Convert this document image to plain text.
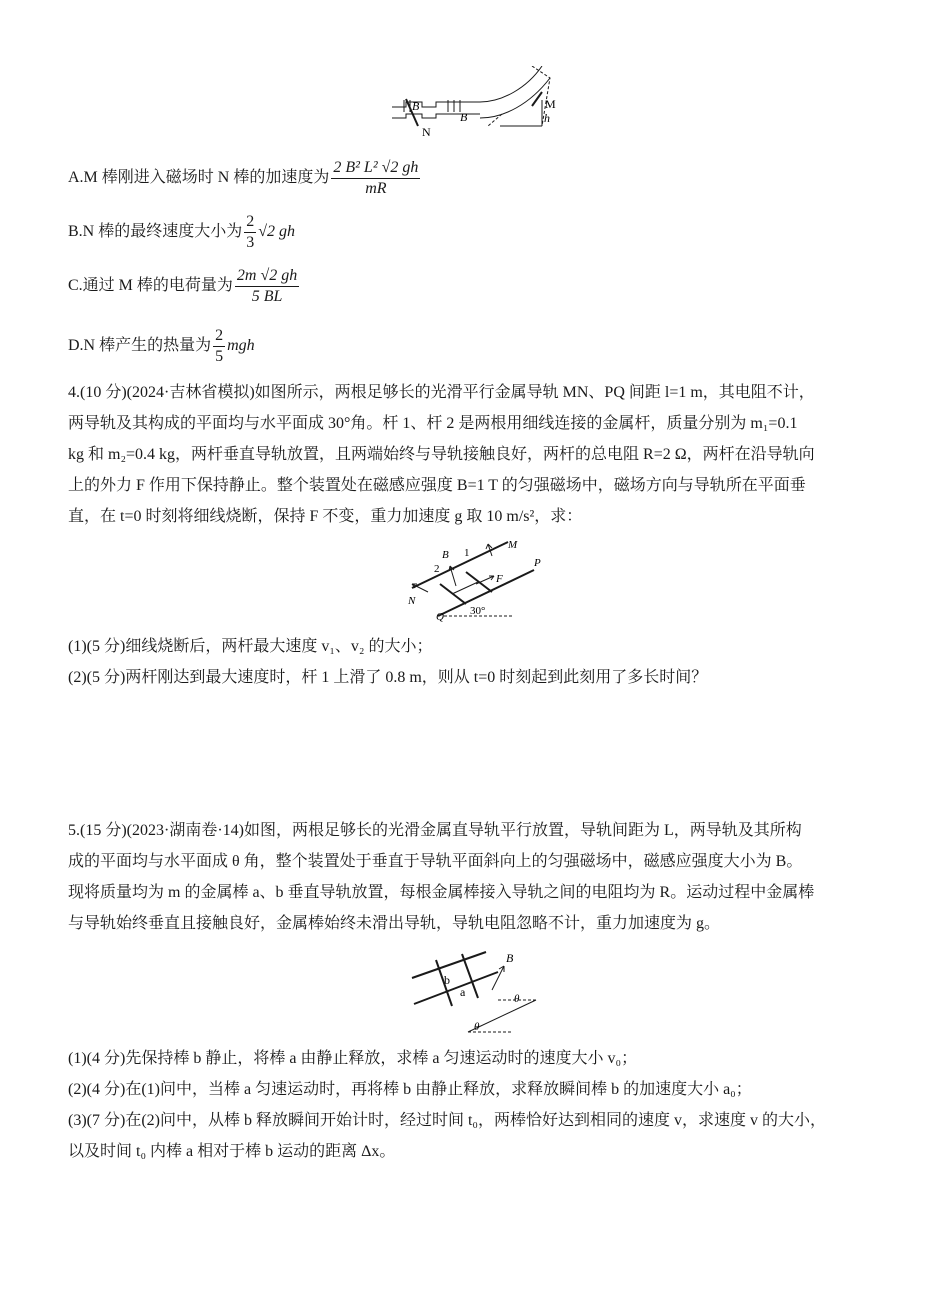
B
B
N
M
h
A.M 棒刚进入磁场时 N 棒的加速度为 $\frac{\text{2 B² L² √2 gh}}{mR}$
B.N 棒的最终速度大小为 $\frac{2}{3} √2$ gh
C.通过 M 棒的电荷量为 $\frac{2m √2 gh}{5 BL}$
D.N 棒产生的热量为 $\frac{2}{5}$ mgh
4.(10 分)(2024·吉林省模拟)如图所示，两根足够长的光滑平行金属导轨 MN、PQ 间距 l=1 m，其电阻不计，
两导轨及其构成的平面均与水平面成 30°角。杆 1、杆 2 是两根用细线连接的金属杆，质量分别为 m₁=0.1
kg 和 m₂=0.4 kg，两杆垂直导轨放置，且两端始终与导轨接触良好，两杆的总电阻 R=2 Ω，两杆在沿导轨向
上的外力 F 作用下保持静止。整个装置处在磁感应强度 B=1 T 的匀强磁场中，磁场方向与导轨所在平面垂
直，在 t=0 时刻将细线烧断，保持 F 不变，重力加速度 g 取 10 m/s²，求：
B 1
2
M
P
F
N
Q 30°
(1)(5 分)细线烧断后，两杆最大速度 v₁、v₂ 的大小；
(2)(5 分)两杆刚达到最大速度时，杆 1 上滑了 0.8 m，则从 t=0 时刻起到此刻用了多长时间？
5.(15 分)(2023·湖南卷·14)如图，两根足够长的光滑金属直导轨平行放置，导轨间距为 L，两导轨及其所构
成的平面均与水平面成 θ 角，整个装置处于垂直于导轨平面斜向上的匀强磁场中，磁感应强度大小为 B。
现将质量均为 m 的金属棒 a、b 垂直导轨放置，每根金属棒接入导轨之间的电阻均为 R。运动过程中金属棒
与导轨始终垂直且接触良好，金属棒始终未滑出导轨，导轨电阻忽略不计，重力加速度为 g。
b
a
B
θ
θ
(1)(4 分)先保持棒 b 静止，将棒 a 由静止释放，求棒 a 匀速运动时的速度大小 v₀；
(2)(4 分)在(1)问中，当棒 a 匀速运动时，再将棒 b 由静止释放，求释放瞬间棒 b 的加速度大小 a₀；
(3)(7 分)在(2)问中，从棒 b 释放瞬间开始计时，经过时间 t₀，两棒恰好达到相同的速度 v，求速度 v 的大小，
以及时间 t₀ 内棒 a 相对于棒 b 运动的距离 Δx。
